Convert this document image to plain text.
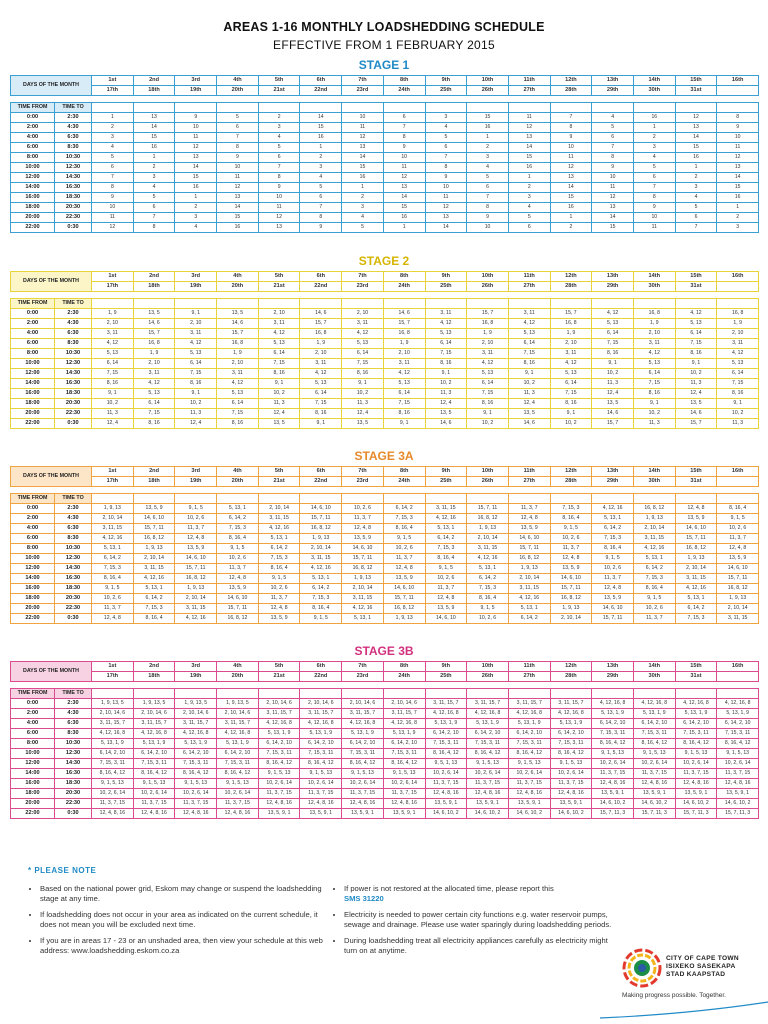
AREAS 1-16 MONTHLY LOADSHEDDING SCHEDULE
EFFECTIVE FROM 1 FEBRUARY 2015
STAGE 1
DAYS OF THE MONTH		1st	2nd	3rd	4th	5th	6th	7th	8th	9th	10th	11th	12th	13th	14th	15th	16th
		17th	18th	19th	20th	21st	22nd	23rd	24th	25th	26th	27th	28th	29th	30th	31st	

TIME FROM	TIME TO																
0:00	2:30	1	13	9	5	2	14	10	6	3	15	11	7	4	16	12	8
2:00	4:30	2	14	10	6	3	15	11	7	4	16	12	8	5	1	13	9
4:00	6:30	3	15	11	7	4	16	12	8	5	1	13	9	6	2	14	10
6:00	8:30	4	16	12	8	5	1	13	9	6	2	14	10	7	3	15	11
8:00	10:30	5	1	13	9	6	2	14	10	7	3	15	11	8	4	16	12
10:00	12:30	6	2	14	10	7	3	15	11	8	4	16	12	9	5	1	13
12:00	14:30	7	3	15	11	8	4	16	12	9	5	1	13	10	6	2	14
14:00	16:30	8	4	16	12	9	5	1	13	10	6	2	14	11	7	3	15
16:00	18:30	9	5	1	13	10	6	2	14	11	7	3	15	12	8	4	16
18:00	20:30	10	6	2	14	11	7	3	15	12	8	4	16	13	9	5	1
20:00	22:30	11	7	3	15	12	8	4	16	13	9	5	1	14	10	6	2
22:00	0:30	12	8	4	16	13	9	5	1	14	10	6	2	15	11	7	3
STAGE 2
DAYS OF THE MONTH		1st	2nd	3rd	4th	5th	6th	7th	8th	9th	10th	11th	12th	13th	14th	15th	16th
		17th	18th	19th	20th	21st	22nd	23rd	24th	25th	26th	27th	28th	29th	30th	31st	

TIME FROM	TIME TO																
0:00	2:30	1, 9	13, 5	9, 1	13, 5	2, 10	14, 6	2, 10	14, 6	3, 11	15, 7	3, 11	15, 7	4, 12	16, 8	4, 12	16, 8
2:00	4:30	2, 10	14, 6	2, 10	14, 6	3, 11	15, 7	3, 11	15, 7	4, 12	16, 8	4, 12	16, 8	5, 13	1, 9	5, 13	1, 9
4:00	6:30	3, 11	15, 7	3, 11	15, 7	4, 12	16, 8	4, 12	16, 8	5, 13	1, 9	5, 13	1, 9	6, 14	2, 10	6, 14	2, 10
6:00	8:30	4, 12	16, 8	4, 12	16, 8	5, 13	1, 9	5, 13	1, 9	6, 14	2, 10	6, 14	2, 10	7, 15	3, 11	7, 15	3, 11
8:00	10:30	5, 13	1, 9	5, 13	1, 9	6, 14	2, 10	6, 14	2, 10	7, 15	3, 11	7, 15	3, 11	8, 16	4, 12	8, 16	4, 12
10:00	12:30	6, 14	2, 10	6, 14	2, 10	7, 15	3, 11	7, 15	3, 11	8, 16	4, 12	8, 16	4, 12	9, 1	5, 13	9, 1	5, 13
12:00	14:30	7, 15	3, 11	7, 15	3, 11	8, 16	4, 12	8, 16	4, 12	9, 1	5, 13	9, 1	5, 13	10, 2	6, 14	10, 2	6, 14
14:00	16:30	8, 16	4, 12	8, 16	4, 12	9, 1	5, 13	9, 1	5, 13	10, 2	6, 14	10, 2	6, 14	11, 3	7, 15	11, 3	7, 15
16:00	18:30	9, 1	5, 13	9, 1	5, 13	10, 2	6, 14	10, 2	6, 14	11, 3	7, 15	11, 3	7, 15	12, 4	8, 16	12, 4	8, 16
18:00	20:30	10, 2	6, 14	10, 2	6, 14	11, 3	7, 15	11, 3	7, 15	12, 4	8, 16	12, 4	8, 16	13, 5	9, 1	13, 5	9, 1
20:00	22:30	11, 3	7, 15	11, 3	7, 15	12, 4	8, 16	12, 4	8, 16	13, 5	9, 1	13, 5	9, 1	14, 6	10, 2	14, 6	10, 2
22:00	0:30	12, 4	8, 16	12, 4	8, 16	13, 5	9, 1	13, 5	9, 1	14, 6	10, 2	14, 6	10, 2	15, 7	11, 3	15, 7	11, 3
STAGE 3A
DAYS OF THE MONTH		1st	2nd	3rd	4th	5th	6th	7th	8th	9th	10th	11th	12th	13th	14th	15th	16th
		17th	18th	19th	20th	21st	22nd	23rd	24th	25th	26th	27th	28th	29th	30th	31st	

TIME FROM	TIME TO																
0:00	2:30	1, 9, 13	13, 5, 9	9, 1, 5	5, 13, 1	2, 10, 14	14, 6, 10	10, 2, 6	6, 14, 2	3, 11, 15	15, 7, 11	11, 3, 7	7, 15, 3	4, 12, 16	16, 8, 12	12, 4, 8	8, 16, 4
2:00	4:30	2, 10, 14	14, 6, 10	10, 2, 6	6, 14, 2	3, 11, 15	15, 7, 11	11, 3, 7	7, 15, 3	4, 12, 16	16, 8, 12	12, 4, 8	8, 16, 4	5, 13, 1	1, 9, 13	13, 5, 9	9, 1, 5
4:00	6:30	3, 11, 15	15, 7, 11	11, 3, 7	7, 15, 3	4, 12, 16	16, 8, 12	12, 4, 8	8, 16, 4	5, 13, 1	1, 9, 13	13, 5, 9	9, 1, 5	6, 14, 2	2, 10, 14	14, 6, 10	10, 2, 6
6:00	8:30	4, 12, 16	16, 8, 12	12, 4, 8	8, 16, 4	5, 13, 1	1, 9, 13	13, 5, 9	9, 1, 5	6, 14, 2	2, 10, 14	14, 6, 10	10, 2, 6	7, 15, 3	3, 11, 15	15, 7, 11	11, 3, 7
8:00	10:30	5, 13, 1	1, 9, 13	13, 5, 9	9, 1, 5	6, 14, 2	2, 10, 14	14, 6, 10	10, 2, 6	7, 15, 3	3, 11, 15	15, 7, 11	11, 3, 7	8, 16, 4	4, 12, 16	16, 8, 12	12, 4, 8
10:00	12:30	6, 14, 2	2, 10, 14	14, 6, 10	10, 2, 6	7, 15, 3	3, 11, 15	15, 7, 11	11, 3, 7	8, 16, 4	4, 12, 16	16, 8, 12	12, 4, 8	9, 1, 5	5, 13, 1	1, 9, 13	13, 5, 9
12:00	14:30	7, 15, 3	3, 11, 15	15, 7, 11	11, 3, 7	8, 16, 4	4, 12, 16	16, 8, 12	12, 4, 8	9, 1, 5	5, 13, 1	1, 9, 13	13, 5, 9	10, 2, 6	6, 14, 2	2, 10, 14	14, 6, 10
14:00	16:30	8, 16, 4	4, 12, 16	16, 8, 12	12, 4, 8	9, 1, 5	5, 13, 1	1, 9, 13	13, 5, 9	10, 2, 6	6, 14, 2	2, 10, 14	14, 6, 10	11, 3, 7	7, 15, 3	3, 11, 15	15, 7, 11
16:00	18:30	9, 1, 5	5, 13, 1	1, 9, 13	13, 5, 9	10, 2, 6	6, 14, 2	2, 10, 14	14, 6, 10	11, 3, 7	7, 15, 3	3, 11, 15	15, 7, 11	12, 4, 8	8, 16, 4	4, 12, 16	16, 8, 12
18:00	20:30	10, 2, 6	6, 14, 2	2, 10, 14	14, 6, 10	11, 3, 7	7, 15, 3	3, 11, 15	15, 7, 11	12, 4, 8	8, 16, 4	4, 12, 16	16, 8, 12	13, 5, 9	9, 1, 5	5, 13, 1	1, 9, 13
20:00	22:30	11, 3, 7	7, 15, 3	3, 11, 15	15, 7, 11	12, 4, 8	8, 16, 4	4, 12, 16	16, 8, 12	13, 5, 9	9, 1, 5	5, 13, 1	1, 9, 13	14, 6, 10	10, 2, 6	6, 14, 2	2, 10, 14
22:00	0:30	12, 4, 8	8, 16, 4	4, 12, 16	16, 8, 12	13, 5, 9	9, 1, 5	5, 13, 1	1, 9, 13	14, 6, 10	10, 2, 6	6, 14, 2	2, 10, 14	15, 7, 11	11, 3, 7	7, 15, 3	3, 11, 15
STAGE 3B
DAYS OF THE MONTH		1st	2nd	3rd	4th	5th	6th	7th	8th	9th	10th	11th	12th	13th	14th	15th	16th
		17th	18th	19th	20th	21st	22nd	23rd	24th	25th	26th	27th	28th	29th	30th	31st	

TIME FROM	TIME TO																
0:00	2:30	1, 9, 13, 5	1, 9, 13, 5	1, 9, 13, 5	1, 9, 13, 5	2, 10, 14, 6	2, 10, 14, 6	2, 10, 14, 6	2, 10, 14, 6	3, 11, 15, 7	3, 11, 15, 7	3, 11, 15, 7	3, 11, 15, 7	4, 12, 16, 8	4, 12, 16, 8	4, 12, 16, 8	4, 12, 16, 8
2:00	4:30	2, 10, 14, 6	2, 10, 14, 6	2, 10, 14, 6	2, 10, 14, 6	3, 11, 15, 7	3, 11, 15, 7	3, 11, 15, 7	3, 11, 15, 7	4, 12, 16, 8	4, 12, 16, 8	4, 12, 16, 8	4, 12, 16, 8	5, 13, 1, 9	5, 13, 1, 9	5, 13, 1, 9	5, 13, 1, 9
4:00	6:30	3, 11, 15, 7	3, 11, 15, 7	3, 11, 15, 7	3, 11, 15, 7	4, 12, 16, 8	4, 12, 16, 8	4, 12, 16, 8	4, 12, 16, 8	5, 13, 1, 9	5, 13, 1, 9	5, 13, 1, 9	5, 13, 1, 9	6, 14, 2, 10	6, 14, 2, 10	6, 14, 2, 10	6, 14, 2, 10
6:00	8:30	4, 12, 16, 8	4, 12, 16, 8	4, 12, 16, 8	4, 12, 16, 8	5, 13, 1, 9	5, 13, 1, 9	5, 13, 1, 9	5, 13, 1, 9	6, 14, 2, 10	6, 14, 2, 10	6, 14, 2, 10	6, 14, 2, 10	7, 15, 3, 11	7, 15, 3, 11	7, 15, 3, 11	7, 15, 3, 11
8:00	10:30	5, 13, 1, 9	5, 13, 1, 9	5, 13, 1, 9	5, 13, 1, 9	6, 14, 2, 10	6, 14, 2, 10	6, 14, 2, 10	6, 14, 2, 10	7, 15, 3, 11	7, 15, 3, 11	7, 15, 3, 11	7, 15, 3, 11	8, 16, 4, 12	8, 16, 4, 12	8, 16, 4, 12	8, 16, 4, 12
10:00	12:30	6, 14, 2, 10	6, 14, 2, 10	6, 14, 2, 10	6, 14, 2, 10	7, 15, 3, 11	7, 15, 3, 11	7, 15, 3, 11	7, 15, 3, 11	8, 16, 4, 12	8, 16, 4, 12	8, 16, 4, 12	8, 16, 4, 12	9, 1, 5, 13	9, 1, 5, 13	9, 1, 5, 13	9, 1, 5, 13
12:00	14:30	7, 15, 3, 11	7, 15, 3, 11	7, 15, 3, 11	7, 15, 3, 11	8, 16, 4, 12	8, 16, 4, 12	8, 16, 4, 12	8, 16, 4, 12	9, 5, 1, 13	9, 1, 5, 13	9, 1, 5, 13	9, 1, 5, 13	10, 2, 6, 14	10, 2, 6, 14	10, 2, 6, 14	10, 2, 6, 14
14:00	16:30	8, 16, 4, 12	8, 16, 4, 12	8, 16, 4, 12	8, 16, 4, 12	9, 1, 5, 13	9, 1, 5, 13	9, 1, 5, 13	9, 1, 5, 13	10, 2, 6, 14	10, 2, 6, 14	10, 2, 6, 14	10, 2, 6, 14	11, 3, 7, 15	11, 3, 7, 15	11, 3, 7, 15	11, 3, 7, 15
16:00	18:30	9, 1, 5, 13	9, 1, 5, 13	9, 1, 5, 13	9, 1, 5, 13	10, 2, 6, 14	10, 2, 6, 14	10, 2, 6, 14	10, 2, 6, 14	11, 3, 7, 15	11, 3, 7, 15	11, 3, 7, 15	11, 3, 7, 15	12, 4, 8, 16	12, 4, 8, 16	12, 4, 8, 16	12, 4, 8, 16
18:00	20:30	10, 2, 6, 14	10, 2, 6, 14	10, 2, 6, 14	10, 2, 6, 14	11, 3, 7, 15	11, 3, 7, 15	11, 3, 7, 15	11, 3, 7, 15	12, 4, 8, 16	12, 4, 8, 16	12, 4, 8, 16	12, 4, 8, 16	13, 5, 9, 1	13, 5, 9, 1	13, 5, 9, 1	13, 5, 9, 1
20:00	22:30	11, 3, 7, 15	11, 3, 7, 15	11, 3, 7, 15	11, 3, 7, 15	12, 4, 8, 16	12, 4, 8, 16	12, 4, 8, 16	12, 4, 8, 16	13, 5, 9, 1	13, 5, 9, 1	13, 5, 9, 1	13, 5, 9, 1	14, 6, 10, 2	14, 6, 10, 2	14, 6, 10, 2	14, 6, 10, 2
22:00	0:30	12, 4, 8, 16	12, 4, 8, 16	12, 4, 8, 16	12, 4, 8, 16	13, 5, 9, 1	13, 5, 9, 1	13, 5, 9, 1	13, 5, 9, 1	14, 6, 10, 2	14, 6, 10, 2	14, 6, 10, 2	14, 6, 10, 2	15, 7, 11, 3	15, 7, 11, 3	15, 7, 11, 3	15, 7, 11, 3
* PLEASE NOTE
• Based on the national power grid, Eskom may change or suspend the loadshedding stage at any time.
• If loadshedding does not occur in your area as indicated on the current schedule, it does not mean you will be excluded next time.
• If you are in areas 17 - 23 or an unshaded area, then view your schedule at this web address: www.loadshedding.eskom.co.za
• If power is not restored at the allocated time, please report this
SMS 31220
• Electricity is needed to power certain city functions e.g. water reservoir pumps, sewage and drainage. Please use water sparingly during loadshedding periods.
• During loadshedding treat all electricity appliances carefully as electricity might turn on at anytime.
CITY OF CAPE TOWN
ISIXEKO SASEKAPA
STAD KAAPSTAD
Making progress possible. Together.
